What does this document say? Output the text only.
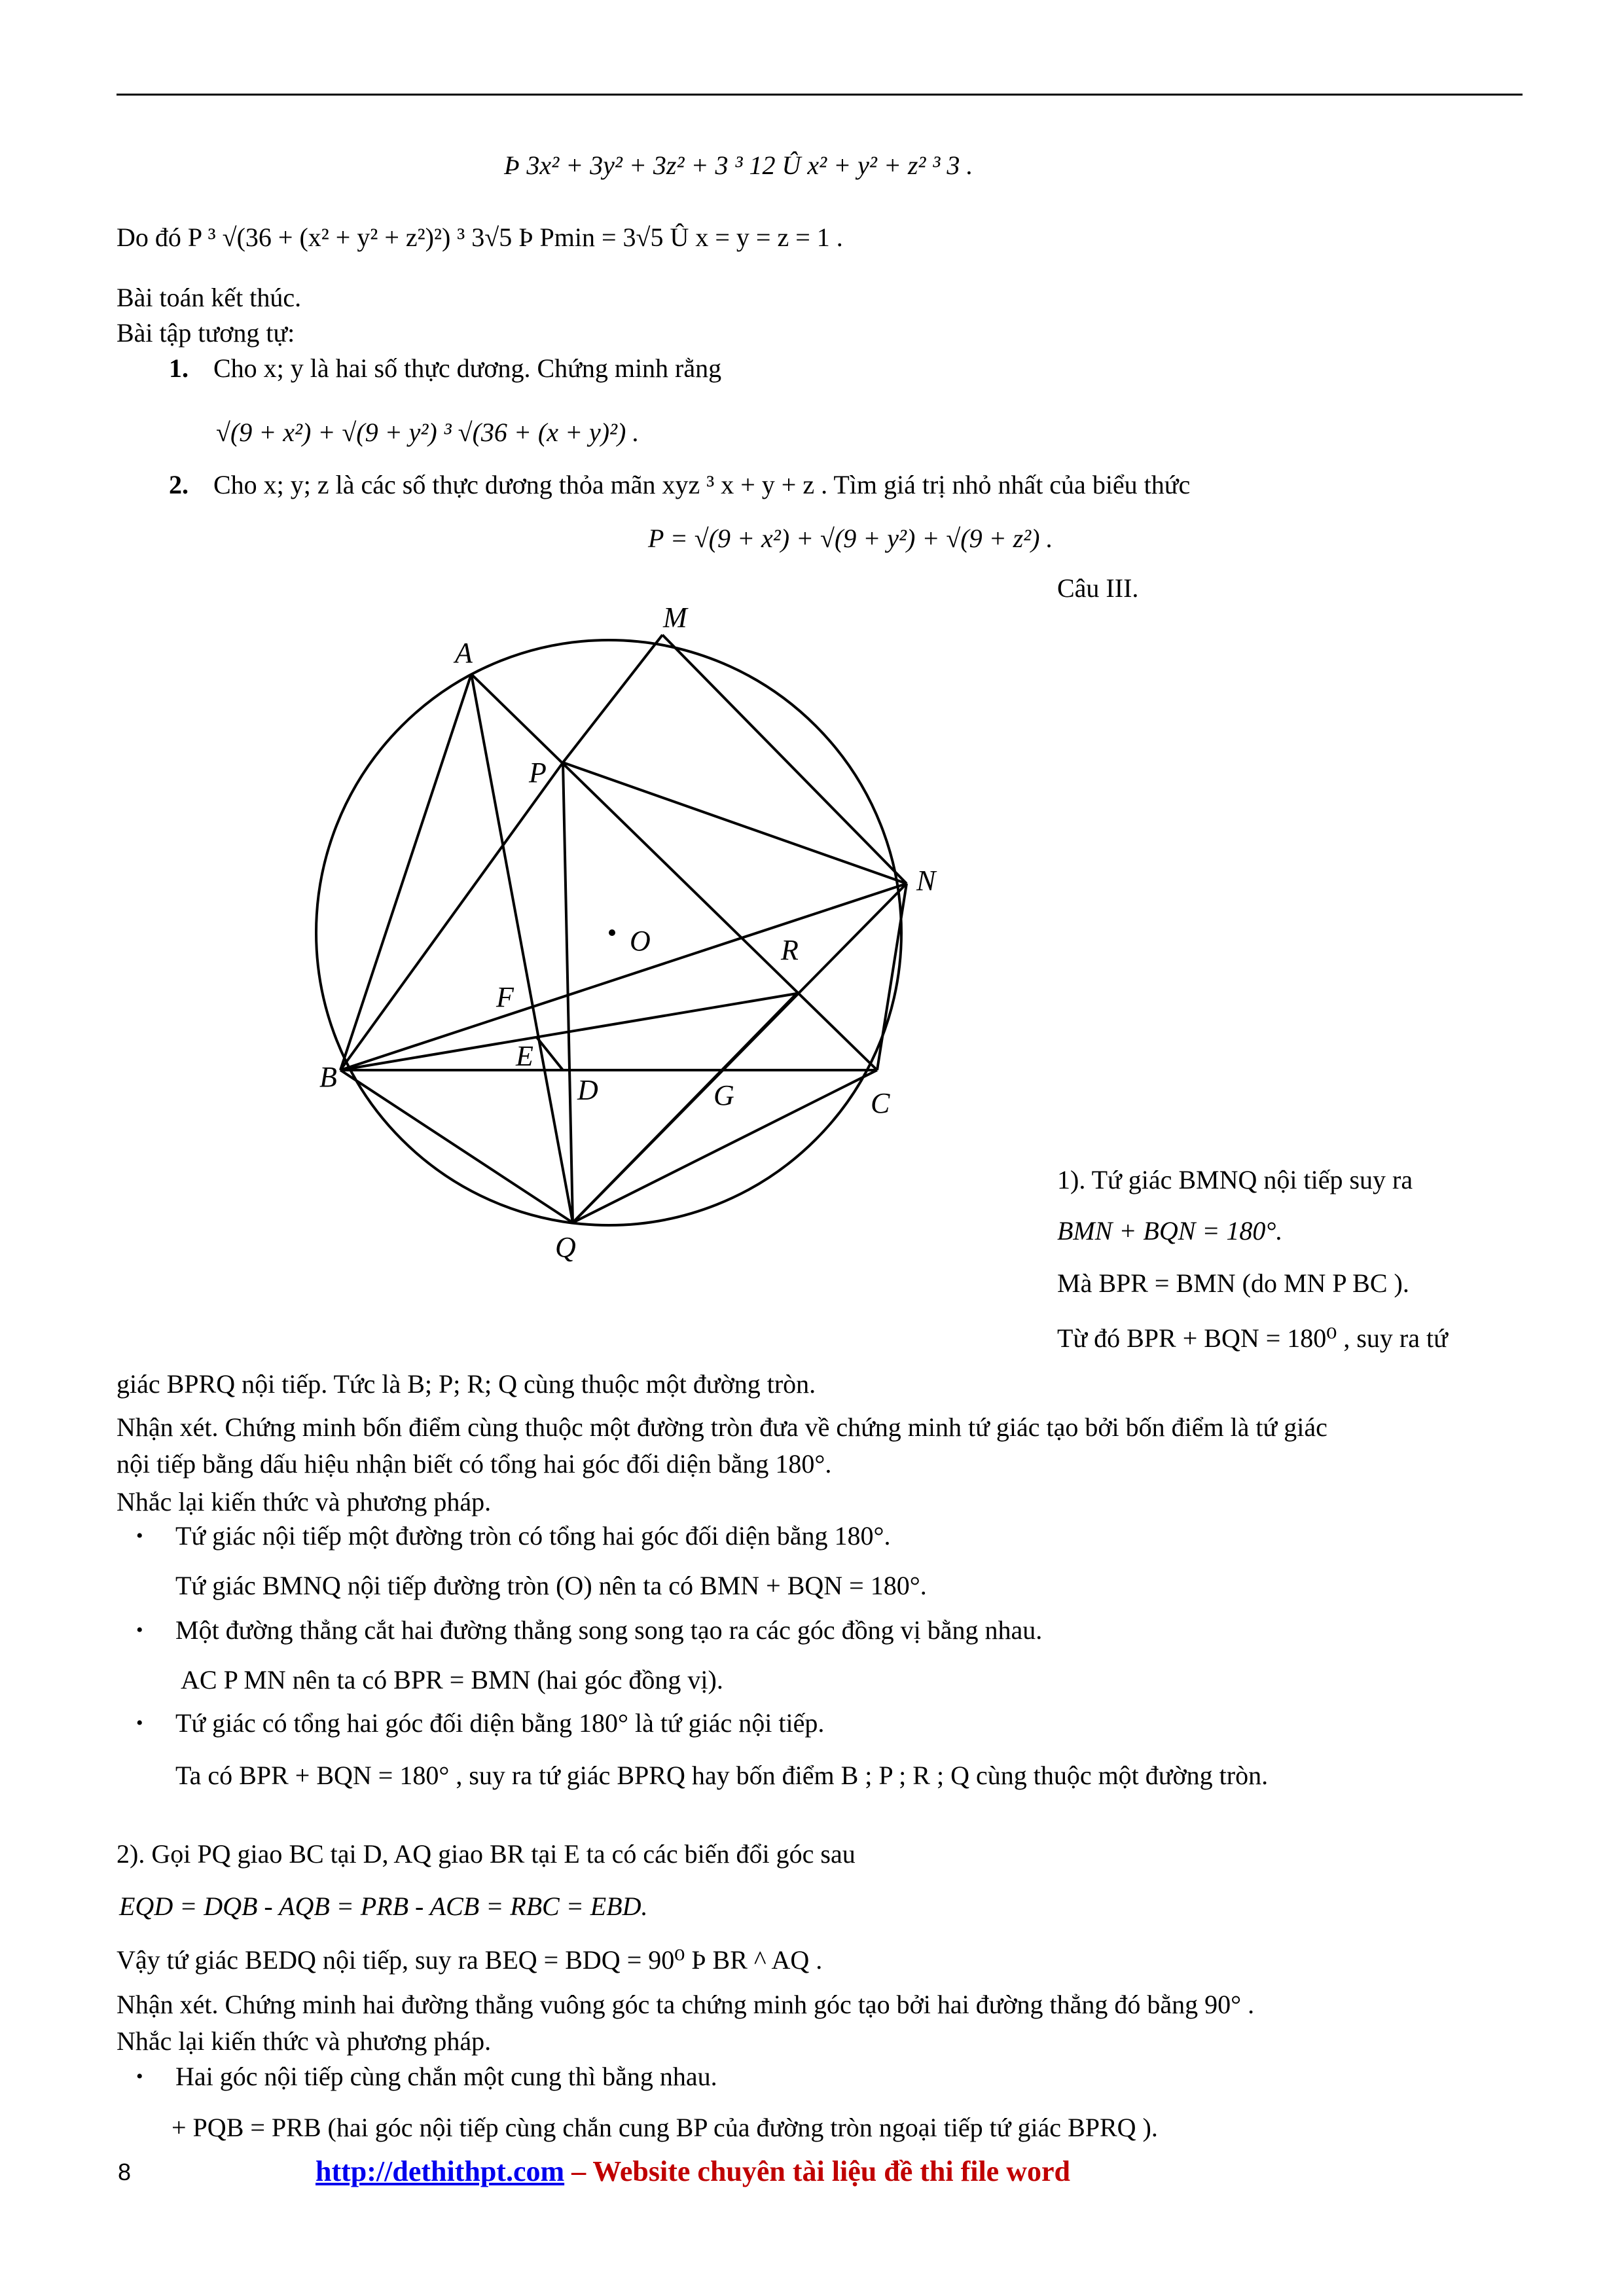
Þ 3x² + 3y² + 3z² + 3 ³ 12 Û x² + y² + z² ³ 3 .
Do đó P ³ √(36 + (x² + y² + z²)²) ³ 3√5 Þ Pmin = 3√5 Û x = y = z = 1 .
Bài toán kết thúc.
Bài tập tương tự:
1. Cho x; y là hai số thực dương. Chứng minh rằng
√(9 + x²) + √(9 + y²) ³ √(36 + (x + y)²) .
2. Cho x; y; z là các số thực dương thỏa mãn xyz ³ x + y + z . Tìm giá trị nhỏ nhất của biểu thức
P = √(9 + x²) + √(9 + y²) + √(9 + z²) .
Câu III.
A
M
P
N
O	R
F
E
B	D	G	C
Q
1). Tứ giác BMNQ nội tiếp suy ra
BMN + BQN = 180°.
Mà BPR = BMN (do MN P BC ).
Từ đó BPR + BQN = 180⁰ , suy ra tứ
giác BPRQ nội tiếp. Tức là B; P; R; Q cùng thuộc một đường tròn.
Nhận xét. Chứng minh bốn điểm cùng thuộc một đường tròn đưa về chứng minh tứ giác tạo bởi bốn điểm là tứ giác
nội tiếp bằng dấu hiệu nhận biết có tổng hai góc đối diện bằng 180°.
Nhắc lại kiến thức và phương pháp.
• Tứ giác nội tiếp một đường tròn có tổng hai góc đối diện bằng 180°.
Tứ giác BMNQ nội tiếp đường tròn (O) nên ta có BMN + BQN = 180°.
• Một đường thẳng cắt hai đường thẳng song song tạo ra các góc đồng vị bằng nhau.
AC P MN nên ta có BPR = BMN (hai góc đồng vị).
• Tứ giác có tổng hai góc đối diện bằng 180° là tứ giác nội tiếp.
Ta có BPR + BQN = 180° , suy ra tứ giác BPRQ hay bốn điểm B ; P ; R ; Q cùng thuộc một đường tròn.
2). Gọi PQ giao BC tại D, AQ giao BR tại E ta có các biến đổi góc sau
EQD = DQB - AQB = PRB - ACB = RBC = EBD.
Vậy tứ giác BEDQ nội tiếp, suy ra BEQ = BDQ = 90⁰ Þ BR ^ AQ .
Nhận xét. Chứng minh hai đường thẳng vuông góc ta chứng minh góc tạo bởi hai đường thẳng đó bằng 90° .
Nhắc lại kiến thức và phương pháp.
• Hai góc nội tiếp cùng chắn một cung thì bằng nhau.
+ PQB = PRB (hai góc nội tiếp cùng chắn cung BP của đường tròn ngoại tiếp tứ giác BPRQ ).
8	http://dethithpt.com – Website chuyên tài liệu đề thi file word
